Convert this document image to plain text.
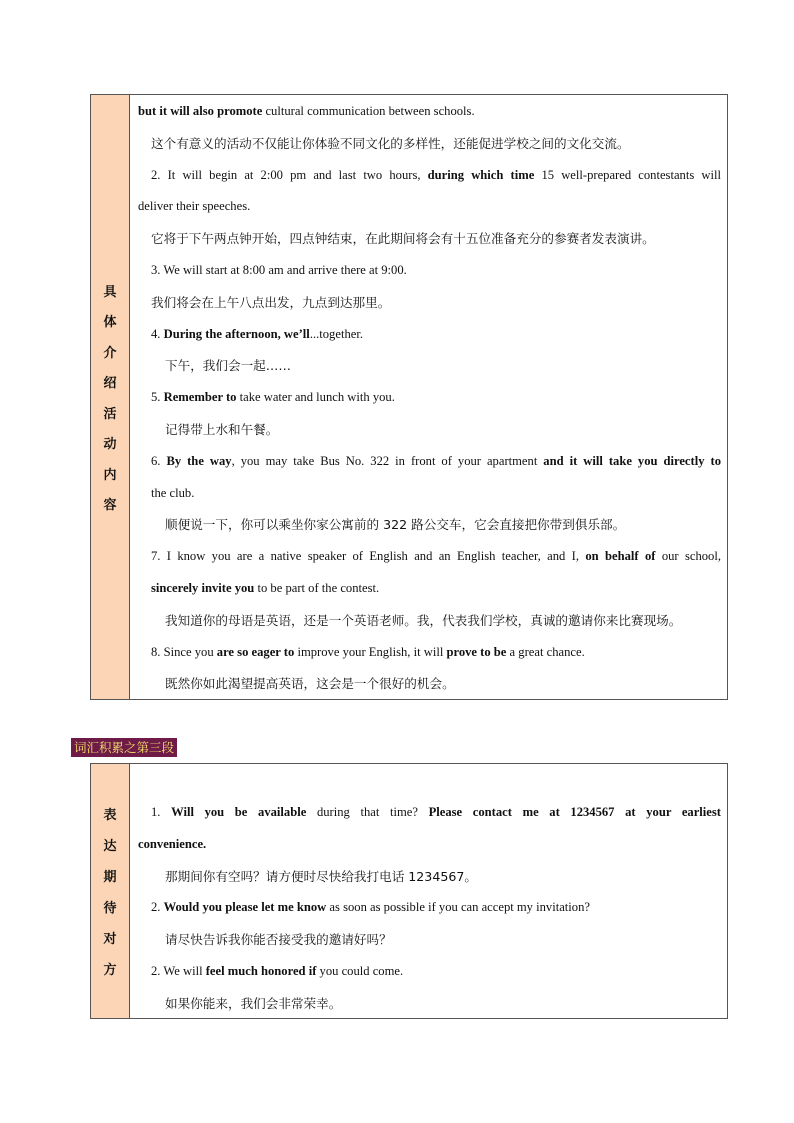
具
体
介
绍
活
动
内
容
but it will also promote cultural communication between schools.
这个有意义的活动不仅能让你体验不同文化的多样性，还能促进学校之间的文化交流。
2. It will begin at 2:00 pm and last two hours, during which time 15 well-prepared contestants will
deliver their speeches.
它将于下午两点钟开始，四点钟结束，在此期间将会有十五位准备充分的参赛者发表演讲。
3. We will start at 8:00 am and arrive there at 9:00.
我们将会在上午八点出发，九点到达那里。
4. During the afternoon, we’ll...together.
下午，我们会一起……
5. Remember to take water and lunch with you.
记得带上水和午餐。
6. By the way, you may take Bus No. 322 in front of your apartment and it will take you directly to
the club.
顺便说一下，你可以乘坐你家公寓前的 322 路公交车，它会直接把你带到俱乐部。
7. I know you are a native speaker of English and an English teacher, and I, on behalf of our school,
sincerely invite you to be part of the contest.
我知道你的母语是英语，还是一个英语老师。我，代表我们学校，真诚的邀请你来比赛现场。
8. Since you are so eager to improve your English, it will prove to be a great chance.
既然你如此渴望提高英语，这会是一个很好的机会。
词汇积累之第三段
表
达
期
待
对
方
1. Will you be available during that time? Please contact me at 1234567 at your earliest
convenience.
那期间你有空吗？请方便时尽快给我打电话 1234567。
2. Would you please let me know as soon as possible if you can accept my invitation?
请尽快告诉我你能否接受我的邀请好吗？
2. We will feel much honored if you could come.
如果你能来，我们会非常荣幸。
